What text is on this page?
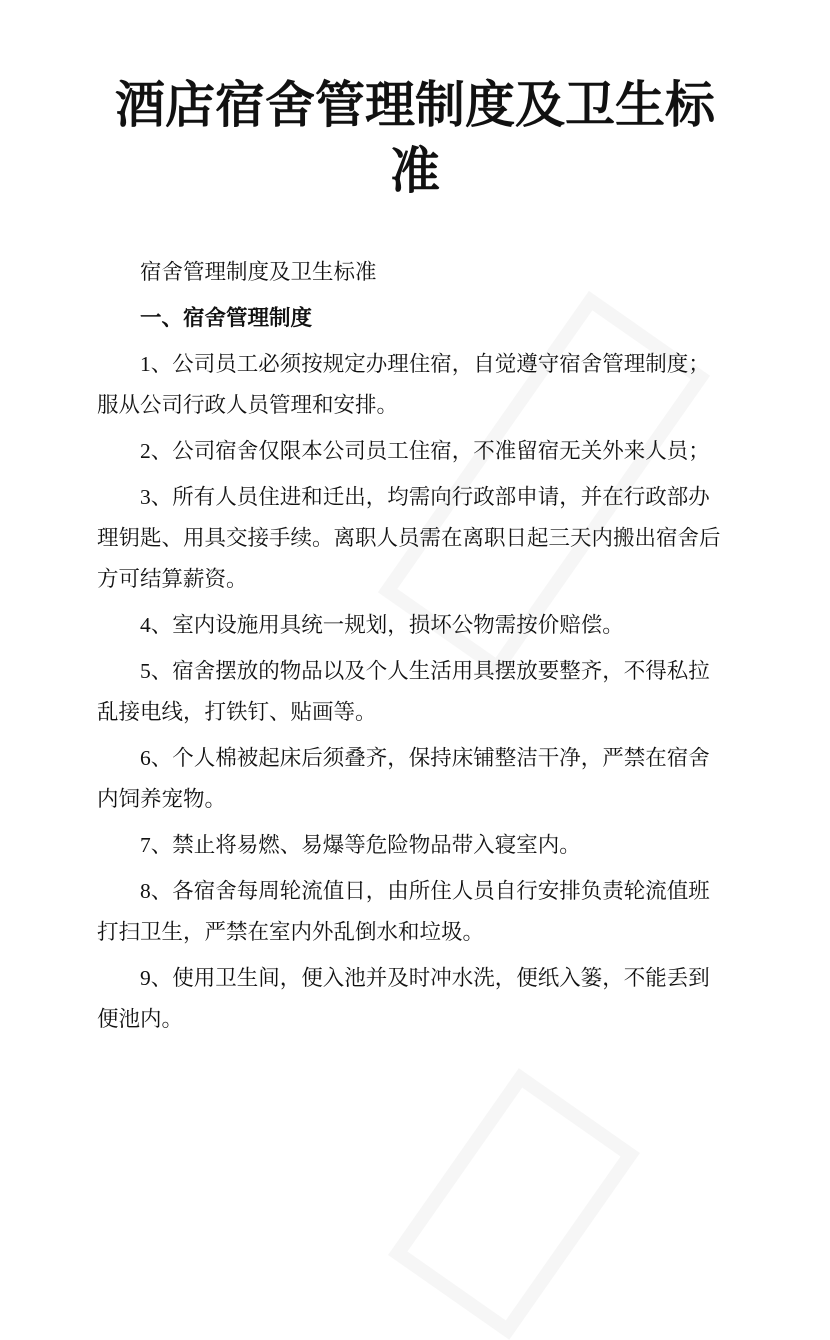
酒店宿舍管理制度及卫生标准

宿舍管理制度及卫生标准

一、宿舍管理制度

1、公司员工必须按规定办理住宿，自觉遵守宿舍管理制度；服从公司行政人员管理和安排。

2、公司宿舍仅限本公司员工住宿，不准留宿无关外来人员；

3、所有人员住进和迁出，均需向行政部申请，并在行政部办理钥匙、用具交接手续。离职人员需在离职日起三天内搬出宿舍后方可结算薪资。

4、室内设施用具统一规划，损坏公物需按价赔偿。

5、宿舍摆放的物品以及个人生活用具摆放要整齐，不得私拉乱接电线，打铁钉、贴画等。

6、个人棉被起床后须叠齐，保持床铺整洁干净，严禁在宿舍内饲养宠物。

7、禁止将易燃、易爆等危险物品带入寝室内。

8、各宿舍每周轮流值日，由所住人员自行安排负责轮流值班打扫卫生，严禁在室内外乱倒水和垃圾。

9、使用卫生间，便入池并及时冲水洗，便纸入篓，不能丢到便池内。
